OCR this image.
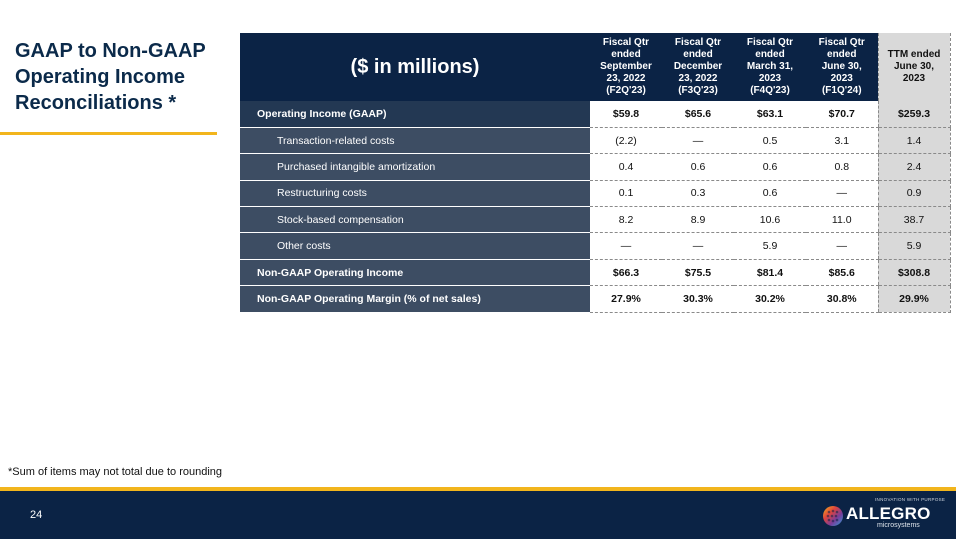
GAAP to Non-GAAP Operating Income Reconciliations *
($ in millions)	Fiscal Qtr
ended
September
23, 2022
(F2Q'23)	Fiscal Qtr
ended
December
23, 2022
(F3Q'23)	Fiscal Qtr
ended
March 31,
2023
(F4Q'23)	Fiscal Qtr
ended
June 30,
2023
(F1Q'24)	TTM ended
June 30,
2023
Operating Income (GAAP)	$59.8	$65.6	$63.1	$70.7	$259.3
Transaction-related costs	(2.2)	—	0.5	3.1	1.4
Purchased intangible amortization	0.4	0.6	0.6	0.8	2.4
Restructuring costs	0.1	0.3	0.6	—	0.9
Stock-based compensation	8.2	8.9	10.6	11.0	38.7
Other costs	—	—	5.9	—	5.9
Non-GAAP Operating Income	$66.3	$75.5	$81.4	$85.6	$308.8
Non-GAAP Operating Margin (% of net sales)	27.9%	30.3%	30.2%	30.8%	29.9%
*Sum of items may not total due to rounding
24
INNOVATION WITH PURPOSE
ALLEGRO
microsystems
